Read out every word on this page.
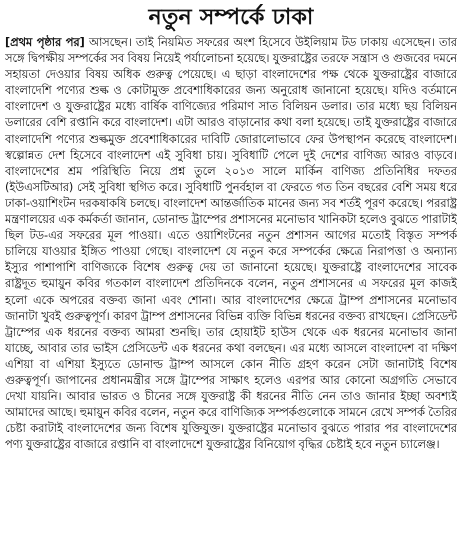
নতুন সম্পর্কে ঢাকা
[প্রথম পৃষ্ঠার পর] আসছেন। তাই নিয়মিত সফরের অংশ হিসেবে উইলিয়াম টড ঢাকায় এসেছেন। তার সঙ্গে দ্বিপক্ষীয় সম্পর্কের সব বিষয় নিয়েই পর্যালোচনা হয়েছে। যুক্তরাষ্ট্রের তরফে সন্ত্রাস ও গুজবের দমনে সহায়তা দেওয়ার বিষয় অধিক গুরুত্ব পেয়েছে। এ ছাড়া বাংলাদেশের পক্ষ থেকে যুক্তরাষ্ট্রের বাজারে বাংলাদেশি পণ্যের শুল্ক ও কোটামুক্ত প্রবেশাধিকারের জন্য অনুরোধ জানানো হয়েছে। যদিও বর্তমানে বাংলাদেশ ও যুক্তরাষ্ট্রের মধ্যে বার্ষিক বাণিজ্যের পরিমাণ সাত বিলিয়ন ডলার। তার মধ্যে ছয় বিলিয়ন ডলারের বেশি রপ্তানি করে বাংলাদেশ। এটা আরও বাড়ানোর কথা বলা হয়েছে। তাই যুক্তরাষ্ট্রের বাজারে বাংলাদেশি পণ্যের শুল্কমুক্ত প্রবেশাধিকারের দাবিটি জোরালোভাবে ফের উপস্থাপন করেছে বাংলাদেশ। স্বল্পোন্নত দেশ হিসেবে বাংলাদেশ এই সুবিধা চায়। সুবিধাটি পেলে দুই দেশের বাণিজ্য আরও বাড়বে। বাংলাদেশের শ্রম পরিস্থিতি নিয়ে প্রশ্ন তুলে ২০১৩ সালে মার্কিন বাণিজ্য প্রতিনিধির দফতর (ইউএসটিআর) সেই সুবিধা স্থগিত করে। সুবিধাটি পুনর্বহাল বা ফেরতে গত তিন বছরের বেশি সময় ধরে ঢাকা-ওয়াশিংটন দরকষাকষি চলছে। বাংলাদেশ আন্তর্জাতিক মানের জন্য সব শর্তই পূরণ করেছে। পররাষ্ট্র মন্ত্রণালয়ের এক কর্মকর্তা জানান, ডোনাল্ড ট্রাম্পের প্রশাসনের মনোভাব খানিকটা হলেও বুঝতে পারাটাই ছিল টড-এর সফরের মূল পাওয়া। এতে ওয়াশিংটনের নতুন প্রশাসন আগের মতোই বিস্তৃত সম্পর্ক চালিয়ে যাওয়ার ইঙ্গিত পাওয়া গেছে। বাংলাদেশ যে নতুন করে সম্পর্কের ক্ষেত্রে নিরাপত্তা ও অন্যান্য ইস্যুর পাশাপাশি বাণিজ্যকে বিশেষ গুরুত্ব দেয় তা জানানো হয়েছে। যুক্তরাষ্ট্রে বাংলাদেশের সাবেক রাষ্ট্রদূত হুমায়ুন কবির গতকাল বাংলাদেশ প্রতিদিনকে বলেন, নতুন প্রশাসনের এ সফরের মূল কাজই হলো একে অপরের বক্তব্য জানা এবং শোনা। আর বাংলাদেশের ক্ষেত্রে ট্রাম্প প্রশাসনের মনোভাব জানাটা খুবই গুরুত্বপূর্ণ। কারণ ট্রাম্প প্রশাসনের বিভিন্ন ব্যক্তি বিভিন্ন ধরনের বক্তব্য রাখছেন। প্রেসিডেন্ট ট্রাম্পের এক ধরনের বক্তব্য আমরা শুনছি। তার হোয়াইট হাউস থেকে এক ধরনের মনোভাব জানা যাচ্ছে, আবার তার ভাইস প্রেসিডেন্ট এক ধরনের কথা বলছেন। এর মধ্যে আসলে বাংলাদেশ বা দক্ষিণ এশিয়া বা এশিয়া ইস্যুতে ডোনাল্ড ট্রাম্প আসলে কোন নীতি গ্রহণ করেন সেটা জানাটাই বিশেষ গুরুত্বপূর্ণ। জাপানের প্রধানমন্ত্রীর সঙ্গে ট্রাম্পের সাক্ষাৎ হলেও এরপর আর কোনো অগ্রগতি সেভাবে দেখা যায়নি। আবার ভারত ও চীনের সঙ্গে যুক্তরাষ্ট্র কী ধরনের নীতি নেন তাও জানার ইচ্ছা অবশ্যই আমাদের আছে। হুমায়ুন কবির বলেন, নতুন করে বাণিজ্যিক সম্পর্কগুলোকে সামনে রেখে সম্পর্ক তৈরির চেষ্টা করাটাই বাংলাদেশের জন্য বিশেষ যুক্তিযুক্ত। যুক্তরাষ্ট্রের মনোভাব বুঝতে পারার পর বাংলাদেশের পণ্য যুক্তরাষ্ট্রের বাজারে রপ্তানি বা বাংলাদেশে যুক্তরাষ্ট্রের বিনিয়োগ বৃদ্ধির চেষ্টাই হবে নতুন চ্যালেঞ্জ।
